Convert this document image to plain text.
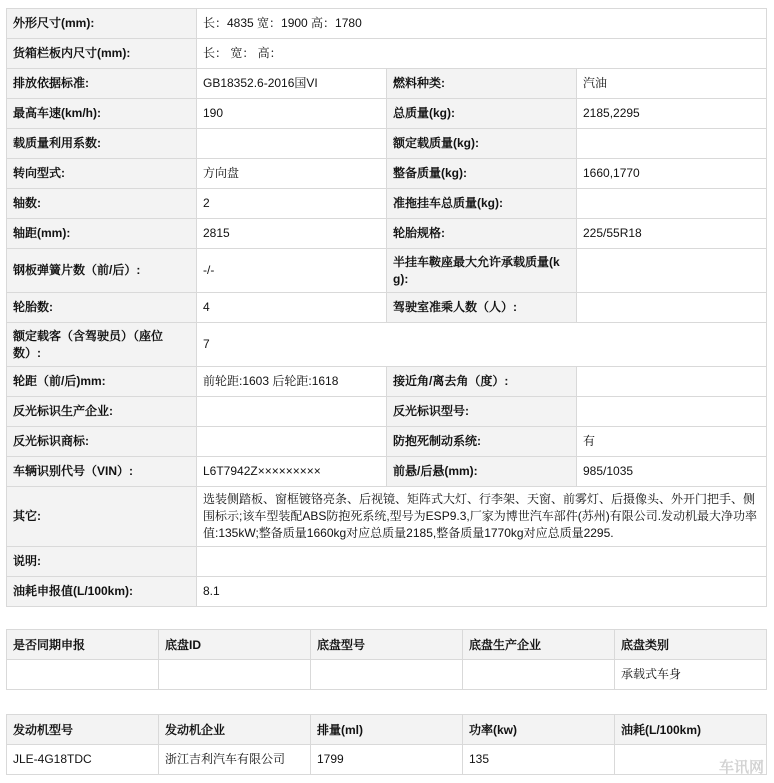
外形尺寸(mm):	长：4835 宽：1900 高：1780		
货箱栏板内尺寸(mm):	长： 宽： 高：		
排放依据标准:	GB18352.6-2016国VI	燃料种类:	汽油
最高车速(km/h):	190	总质量(kg):	2185,2295
载质量利用系数:		额定载质量(kg):	
转向型式:	方向盘	整备质量(kg):	1660,1770
轴数:	2	准拖挂车总质量(kg):	
轴距(mm):	2815	轮胎规格:	225/55R18
钢板弹簧片数（前/后）:	-/-	半挂车鞍座最大允许承载质量(kg):	
轮胎数:	4	驾驶室准乘人数（人）:	
额定载客（含驾驶员）（座位数）:	7		
轮距（前/后)mm:	前轮距:1603 后轮距:1618	接近角/离去角（度）:	
反光标识生产企业:		反光标识型号:	
反光标识商标:		防抱死制动系统:	有
车辆识别代号（VIN）:	L6T7942Z×××××××××	前悬/后悬(mm):	985/1035
其它:	选装侧踏板、窗框镀铬亮条、后视镜、矩阵式大灯、行李架、天窗、前雾灯、后摄像头、外开门把手、侧围标示;该车型装配ABS防抱死系统,型号为ESP9.3,厂家为博世汽车部件(苏州)有限公司.发动机最大净功率值:135kW;整备质量1660kg对应总质量2185,整备质量1770kg对应总质量2295.		
说明:			
油耗申报值(L/100km):	8.1		
是否同期申报	底盘ID	底盘型号	底盘生产企业	底盘类别
				承载式车身
发动机型号	发动机企业	排量(ml)	功率(kw)	油耗(L/100km)
JLE-4G18TDC	浙江吉利汽车有限公司	1799	135		车讯网
